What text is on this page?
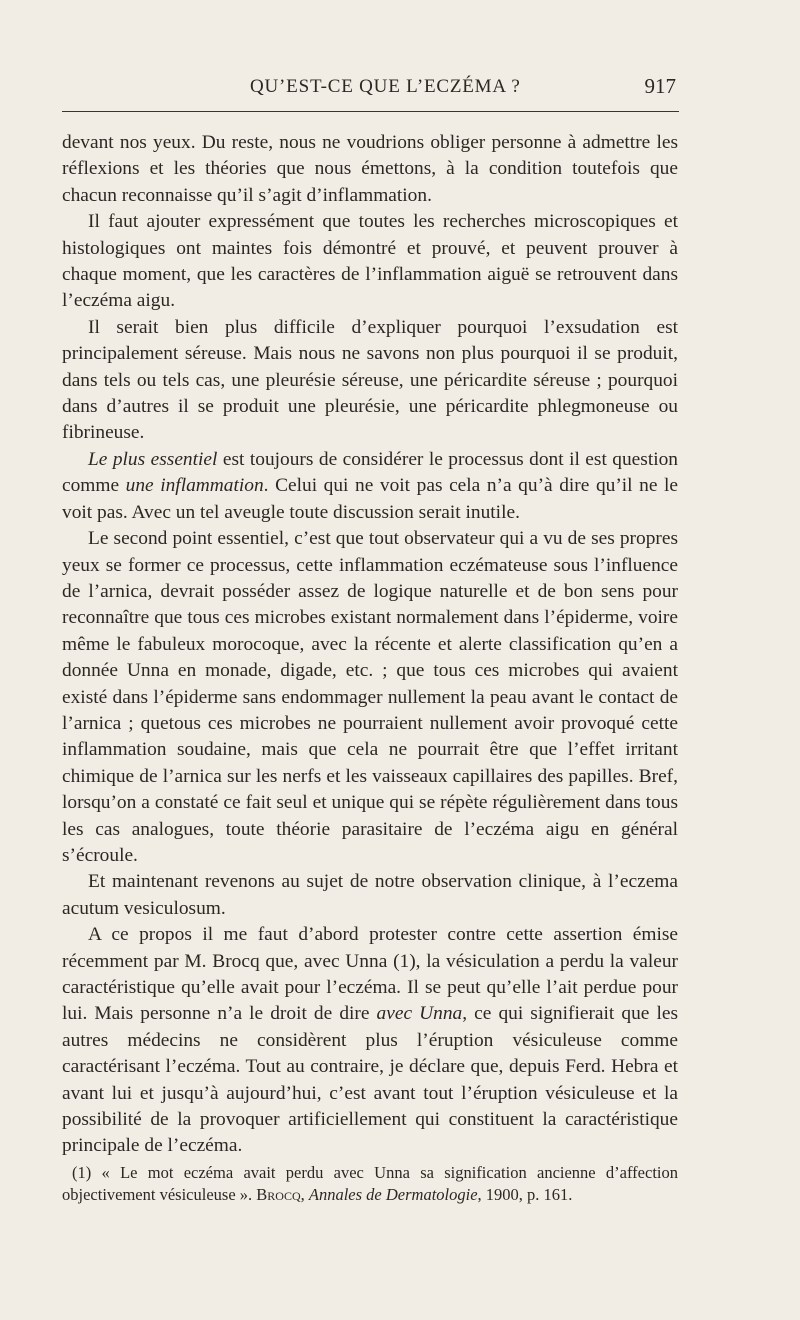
QU’EST-CE QUE L’ECZÉMA ?	917

devant nos yeux. Du reste, nous ne voudrions obliger personne à admettre les réflexions et les théories que nous émettons, à la condition toutefois que chacun reconnaisse qu’il s’agit d’inflammation.

Il faut ajouter expressément que toutes les recherches microscopiques et histologiques ont maintes fois démontré et prouvé, et peuvent prouver à chaque moment, que les caractères de l’inflammation aiguë se retrouvent dans l’eczéma aigu.

Il serait bien plus difficile d’expliquer pourquoi l’exsudation est principalement séreuse. Mais nous ne savons non plus pourquoi il se produit, dans tels ou tels cas, une pleurésie séreuse, une péricardite séreuse ; pourquoi dans d’autres il se produit une pleurésie, une péricardite phlegmoneuse ou fibrineuse.

Le plus essentiel est toujours de considérer le processus dont il est question comme une inflammation. Celui qui ne voit pas cela n’a qu’à dire qu’il ne le voit pas. Avec un tel aveugle toute discussion serait inutile.

Le second point essentiel, c’est que tout observateur qui a vu de ses propres yeux se former ce processus, cette inflammation eczémateuse sous l’influence de l’arnica, devrait posséder assez de logique naturelle et de bon sens pour reconnaître que tous ces microbes existant normalement dans l’épiderme, voire même le fabuleux morocoque, avec la récente et alerte classification qu’en a donnée Unna en monade, digade, etc. ; que tous ces microbes qui avaient existé dans l’épiderme sans endommager nullement la peau avant le contact de l’arnica ; quetous ces microbes ne pourraient nullement avoir provoqué cette inflammation soudaine, mais que cela ne pourrait être que l’effet irritant chimique de l’arnica sur les nerfs et les vaisseaux capillaires des papilles. Bref, lorsqu’on a constaté ce fait seul et unique qui se répète régulièrement dans tous les cas analogues, toute théorie parasitaire de l’eczéma aigu en général s’écroule.

Et maintenant revenons au sujet de notre observation clinique, à l’eczema acutum vesiculosum.

A ce propos il me faut d’abord protester contre cette assertion émise récemment par M. Brocq que, avec Unna (1), la vésiculation a perdu la valeur caractéristique qu’elle avait pour l’eczéma. Il se peut qu’elle l’ait perdue pour lui. Mais personne n’a le droit de dire avec Unna, ce qui signifierait que les autres médecins ne considèrent plus l’éruption vésiculeuse comme caractérisant l’eczéma. Tout au contraire, je déclare que, depuis Ferd. Hebra et avant lui et jusqu’à aujourd’hui, c’est avant tout l’éruption vésiculeuse et la possibilité de la provoquer artificiellement qui constituent la caractéristique principale de l’eczéma.

(1) « Le mot eczéma avait perdu avec Unna sa signification ancienne d’affection objectivement vésiculeuse ». Brocq, Annales de Dermatologie, 1900, p. 161.
